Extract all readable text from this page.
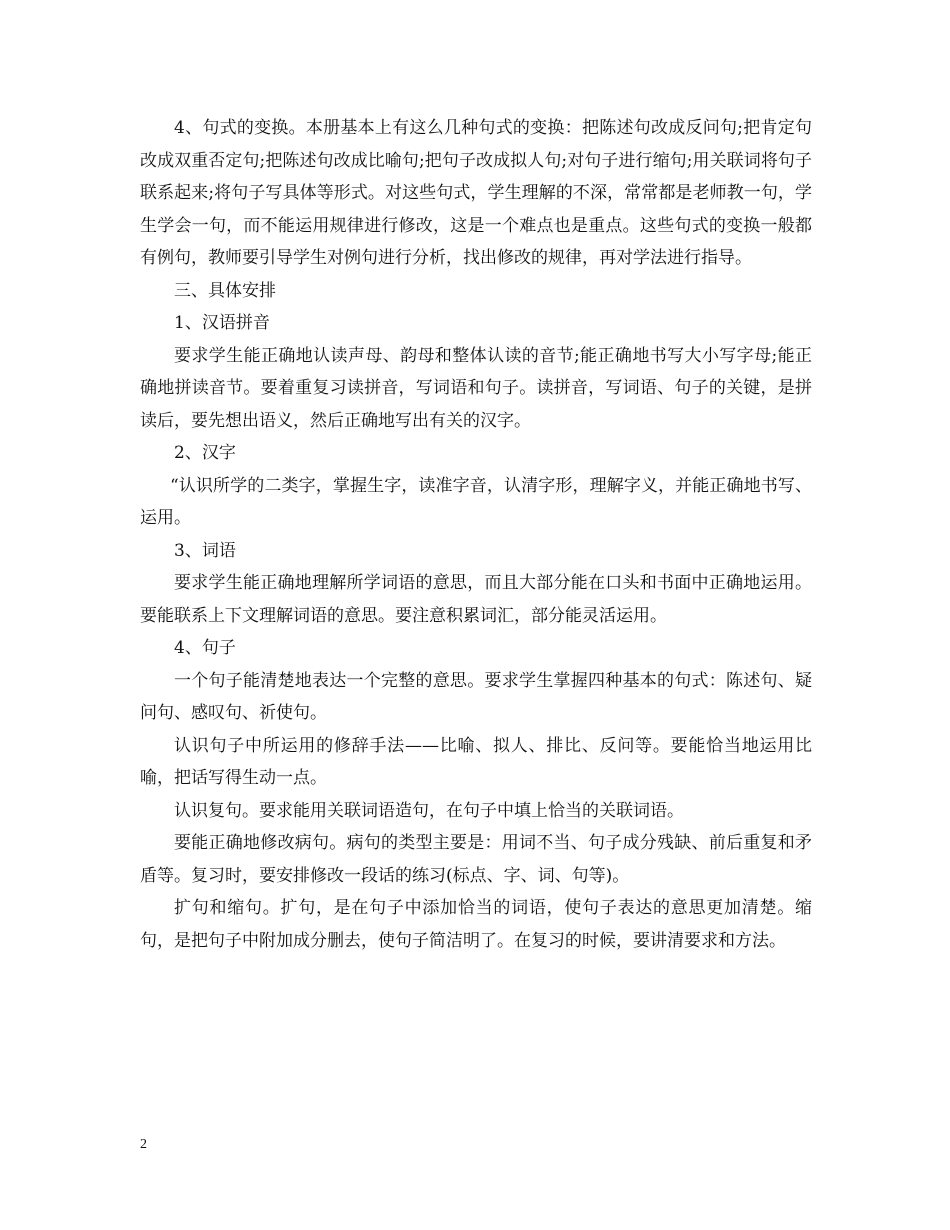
4、句式的变换。本册基本上有这么几种句式的变换：把陈述句改成反问句;把肯定句改成双重否定句;把陈述句改成比喻句;把句子改成拟人句;对句子进行缩句;用关联词将句子联系起来;将句子写具体等形式。对这些句式，学生理解的不深，常常都是老师教一句，学生学会一句，而不能运用规律进行修改，这是一个难点也是重点。这些句式的变换一般都有例句，教师要引导学生对例句进行分析，找出修改的规律，再对学法进行指导。

三、具体安排

1、汉语拼音

要求学生能正确地认读声母、韵母和整体认读的音节;能正确地书写大小写字母;能正确地拼读音节。要着重复习读拼音，写词语和句子。读拼音，写词语、句子的关键，是拼读后，要先想出语义，然后正确地写出有关的汉字。

2、汉字

“认识所学的二类字，掌握生字，读准字音，认清字形，理解字义，并能正确地书写、运用。

3、词语

要求学生能正确地理解所学词语的意思，而且大部分能在口头和书面中正确地运用。要能联系上下文理解词语的意思。要注意积累词汇，部分能灵活运用。

4、句子

一个句子能清楚地表达一个完整的意思。要求学生掌握四种基本的句式：陈述句、疑问句、感叹句、祈使句。

认识句子中所运用的修辞手法——比喻、拟人、排比、反问等。要能恰当地运用比喻，把话写得生动一点。

认识复句。要求能用关联词语造句，在句子中填上恰当的关联词语。

要能正确地修改病句。病句的类型主要是：用词不当、句子成分残缺、前后重复和矛盾等。复习时，要安排修改一段话的练习(标点、字、词、句等)。

扩句和缩句。扩句，是在句子中添加恰当的词语，使句子表达的意思更加清楚。缩句，是把句子中附加成分删去，使句子简洁明了。在复习的时候，要讲清要求和方法。

2
